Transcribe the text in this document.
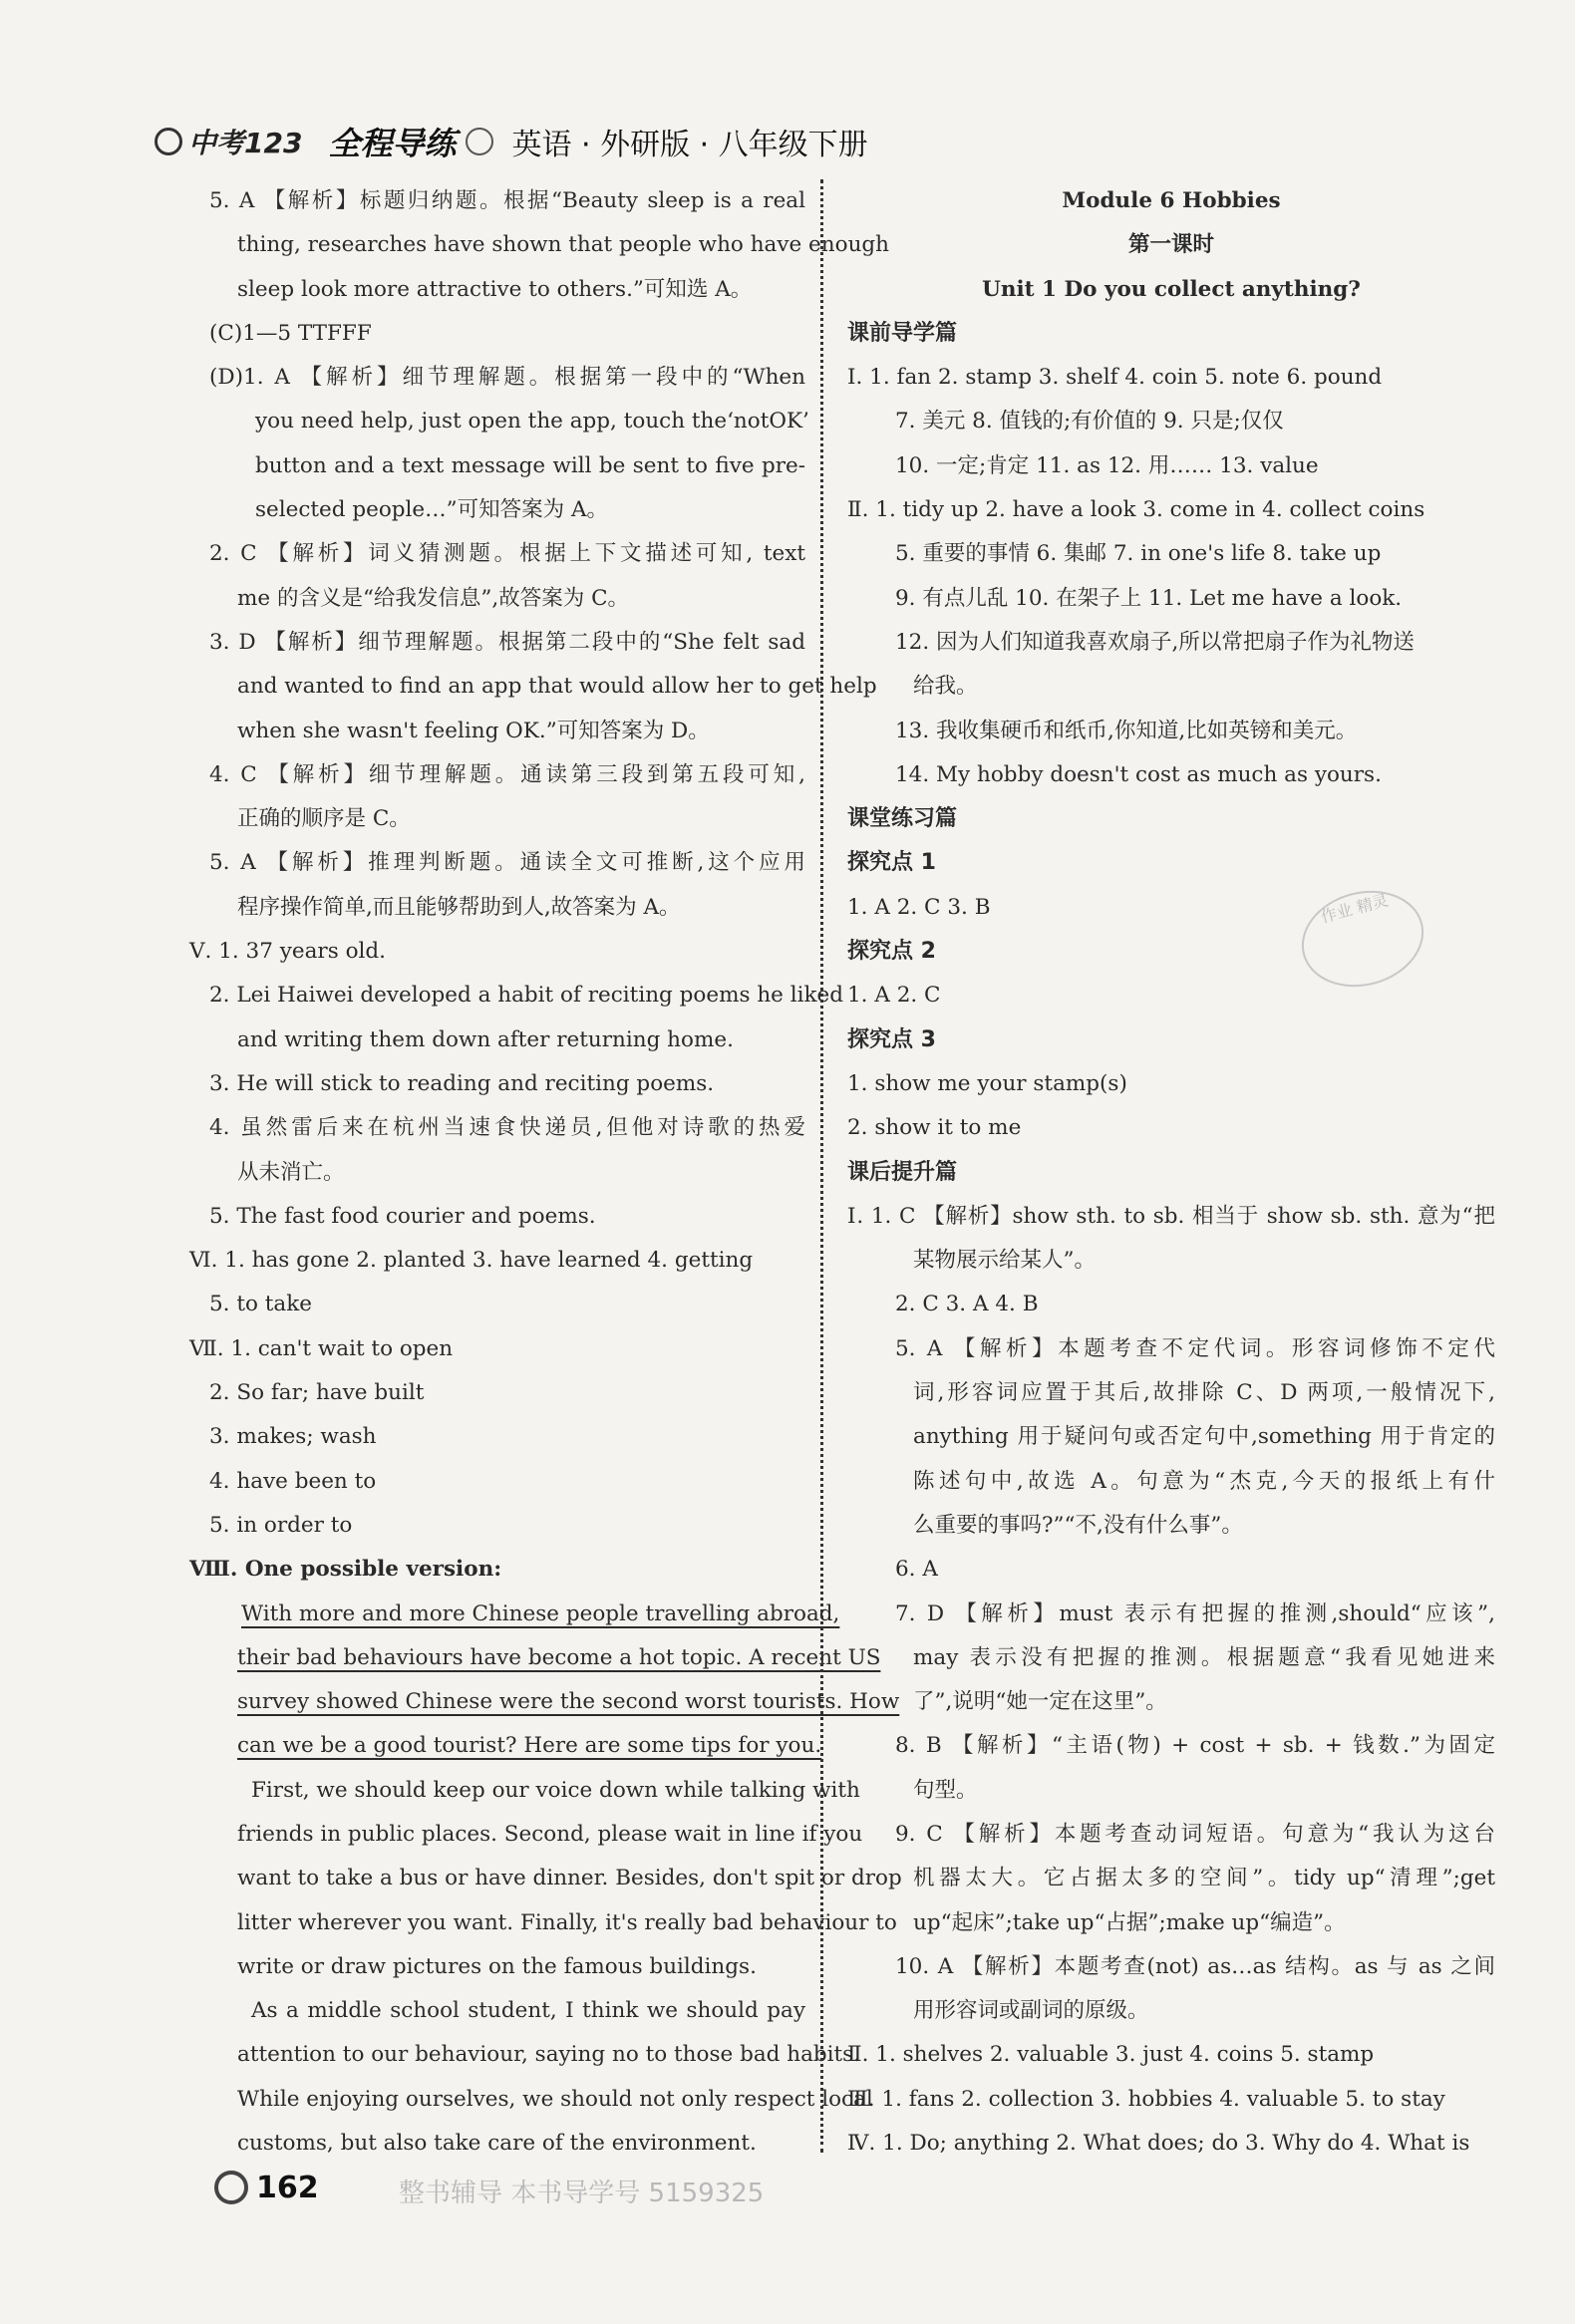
中考123 全程导练 英语 · 外研版 · 八年级下册
5. A 【解析】标题归纳题。根据“Beauty sleep is a real
thing, researches have shown that people who have enough
sleep look more attractive to others.”可知选 A。
(C)1—5 TTFFF
(D)1. A 【解析】细节理解题。根据第一段中的“When
you need help, just open the app, touch the‘notOK’
button and a text message will be sent to five pre-
selected people…”可知答案为 A。
2. C 【解析】词义猜测题。根据上下文描述可知, text
me 的含义是“给我发信息”,故答案为 C。
3. D 【解析】细节理解题。根据第二段中的“She felt sad
and wanted to find an app that would allow her to get help
when she wasn't feeling OK.”可知答案为 D。
4. C 【解析】细节理解题。通读第三段到第五段可知,
正确的顺序是 C。
5. A 【解析】推理判断题。通读全文可推断,这个应用
程序操作简单,而且能够帮助到人,故答案为 A。
Ⅴ. 1. 37 years old.
2. Lei Haiwei developed a habit of reciting poems he liked
and writing them down after returning home.
3. He will stick to reading and reciting poems.
4. 虽然雷后来在杭州当速食快递员,但他对诗歌的热爱
从未消亡。
5. The fast food courier and poems.
Ⅵ. 1. has gone 2. planted 3. have learned 4. getting
5. to take
Ⅶ. 1. can't wait to open
2. So far; have built
3. makes; wash
4. have been to
5. in order to
Ⅷ. One possible version:
With more and more Chinese people travelling abroad,
their bad behaviours have become a hot topic. A recent US
survey showed Chinese were the second worst tourists. How
can we be a good tourist? Here are some tips for you.
First, we should keep our voice down while talking with
friends in public places. Second, please wait in line if you
want to take a bus or have dinner. Besides, don't spit or drop
litter wherever you want. Finally, it's really bad behaviour to
write or draw pictures on the famous buildings.
As a middle school student, I think we should pay
attention to our behaviour, saying no to those bad habits.
While enjoying ourselves, we should not only respect local
customs, but also take care of the environment.
Module 6 Hobbies
第一课时
Unit 1 Do you collect anything?
课前导学篇
Ⅰ. 1. fan 2. stamp 3. shelf 4. coin 5. note 6. pound
7. 美元 8. 值钱的;有价值的 9. 只是;仅仅
10. 一定;肯定 11. as 12. 用…… 13. value
Ⅱ. 1. tidy up 2. have a look 3. come in 4. collect coins
5. 重要的事情 6. 集邮 7. in one's life 8. take up
9. 有点儿乱 10. 在架子上 11. Let me have a look.
12. 因为人们知道我喜欢扇子,所以常把扇子作为礼物送
给我。
13. 我收集硬币和纸币,你知道,比如英镑和美元。
14. My hobby doesn't cost as much as yours.
课堂练习篇
探究点 1
1. A 2. C 3. B
探究点 2
1. A 2. C
探究点 3
1. show me your stamp(s)
2. show it to me
课后提升篇
Ⅰ. 1. C 【解析】show sth. to sb. 相当于 show sb. sth. 意为“把
某物展示给某人”。
2. C 3. A 4. B
5. A 【解析】本题考查不定代词。形容词修饰不定代
词,形容词应置于其后,故排除 C、D 两项,一般情况下,
anything 用于疑问句或否定句中,something 用于肯定的
陈述句中,故选 A。句意为“杰克,今天的报纸上有什
么重要的事吗?”“不,没有什么事”。
6. A
7. D 【解析】must 表示有把握的推测,should“应该”,
may 表示没有把握的推测。根据题意“我看见她进来
了”,说明“她一定在这里”。
8. B 【解析】“主语(物) + cost + sb. + 钱数.”为固定
句型。
9. C 【解析】本题考查动词短语。句意为“我认为这台
机器太大。它占据太多的空间”。tidy up“清理”;get
up“起床”;take up“占据”;make up“编造”。
10. A 【解析】本题考查(not) as…as 结构。as 与 as 之间
用形容词或副词的原级。
Ⅱ. 1. shelves 2. valuable 3. just 4. coins 5. stamp
Ⅲ. 1. fans 2. collection 3. hobbies 4. valuable 5. to stay
Ⅳ. 1. Do; anything 2. What does; do 3. Why do 4. What is
作业 精灵
162	整书辅导 本书导学号 5159325
